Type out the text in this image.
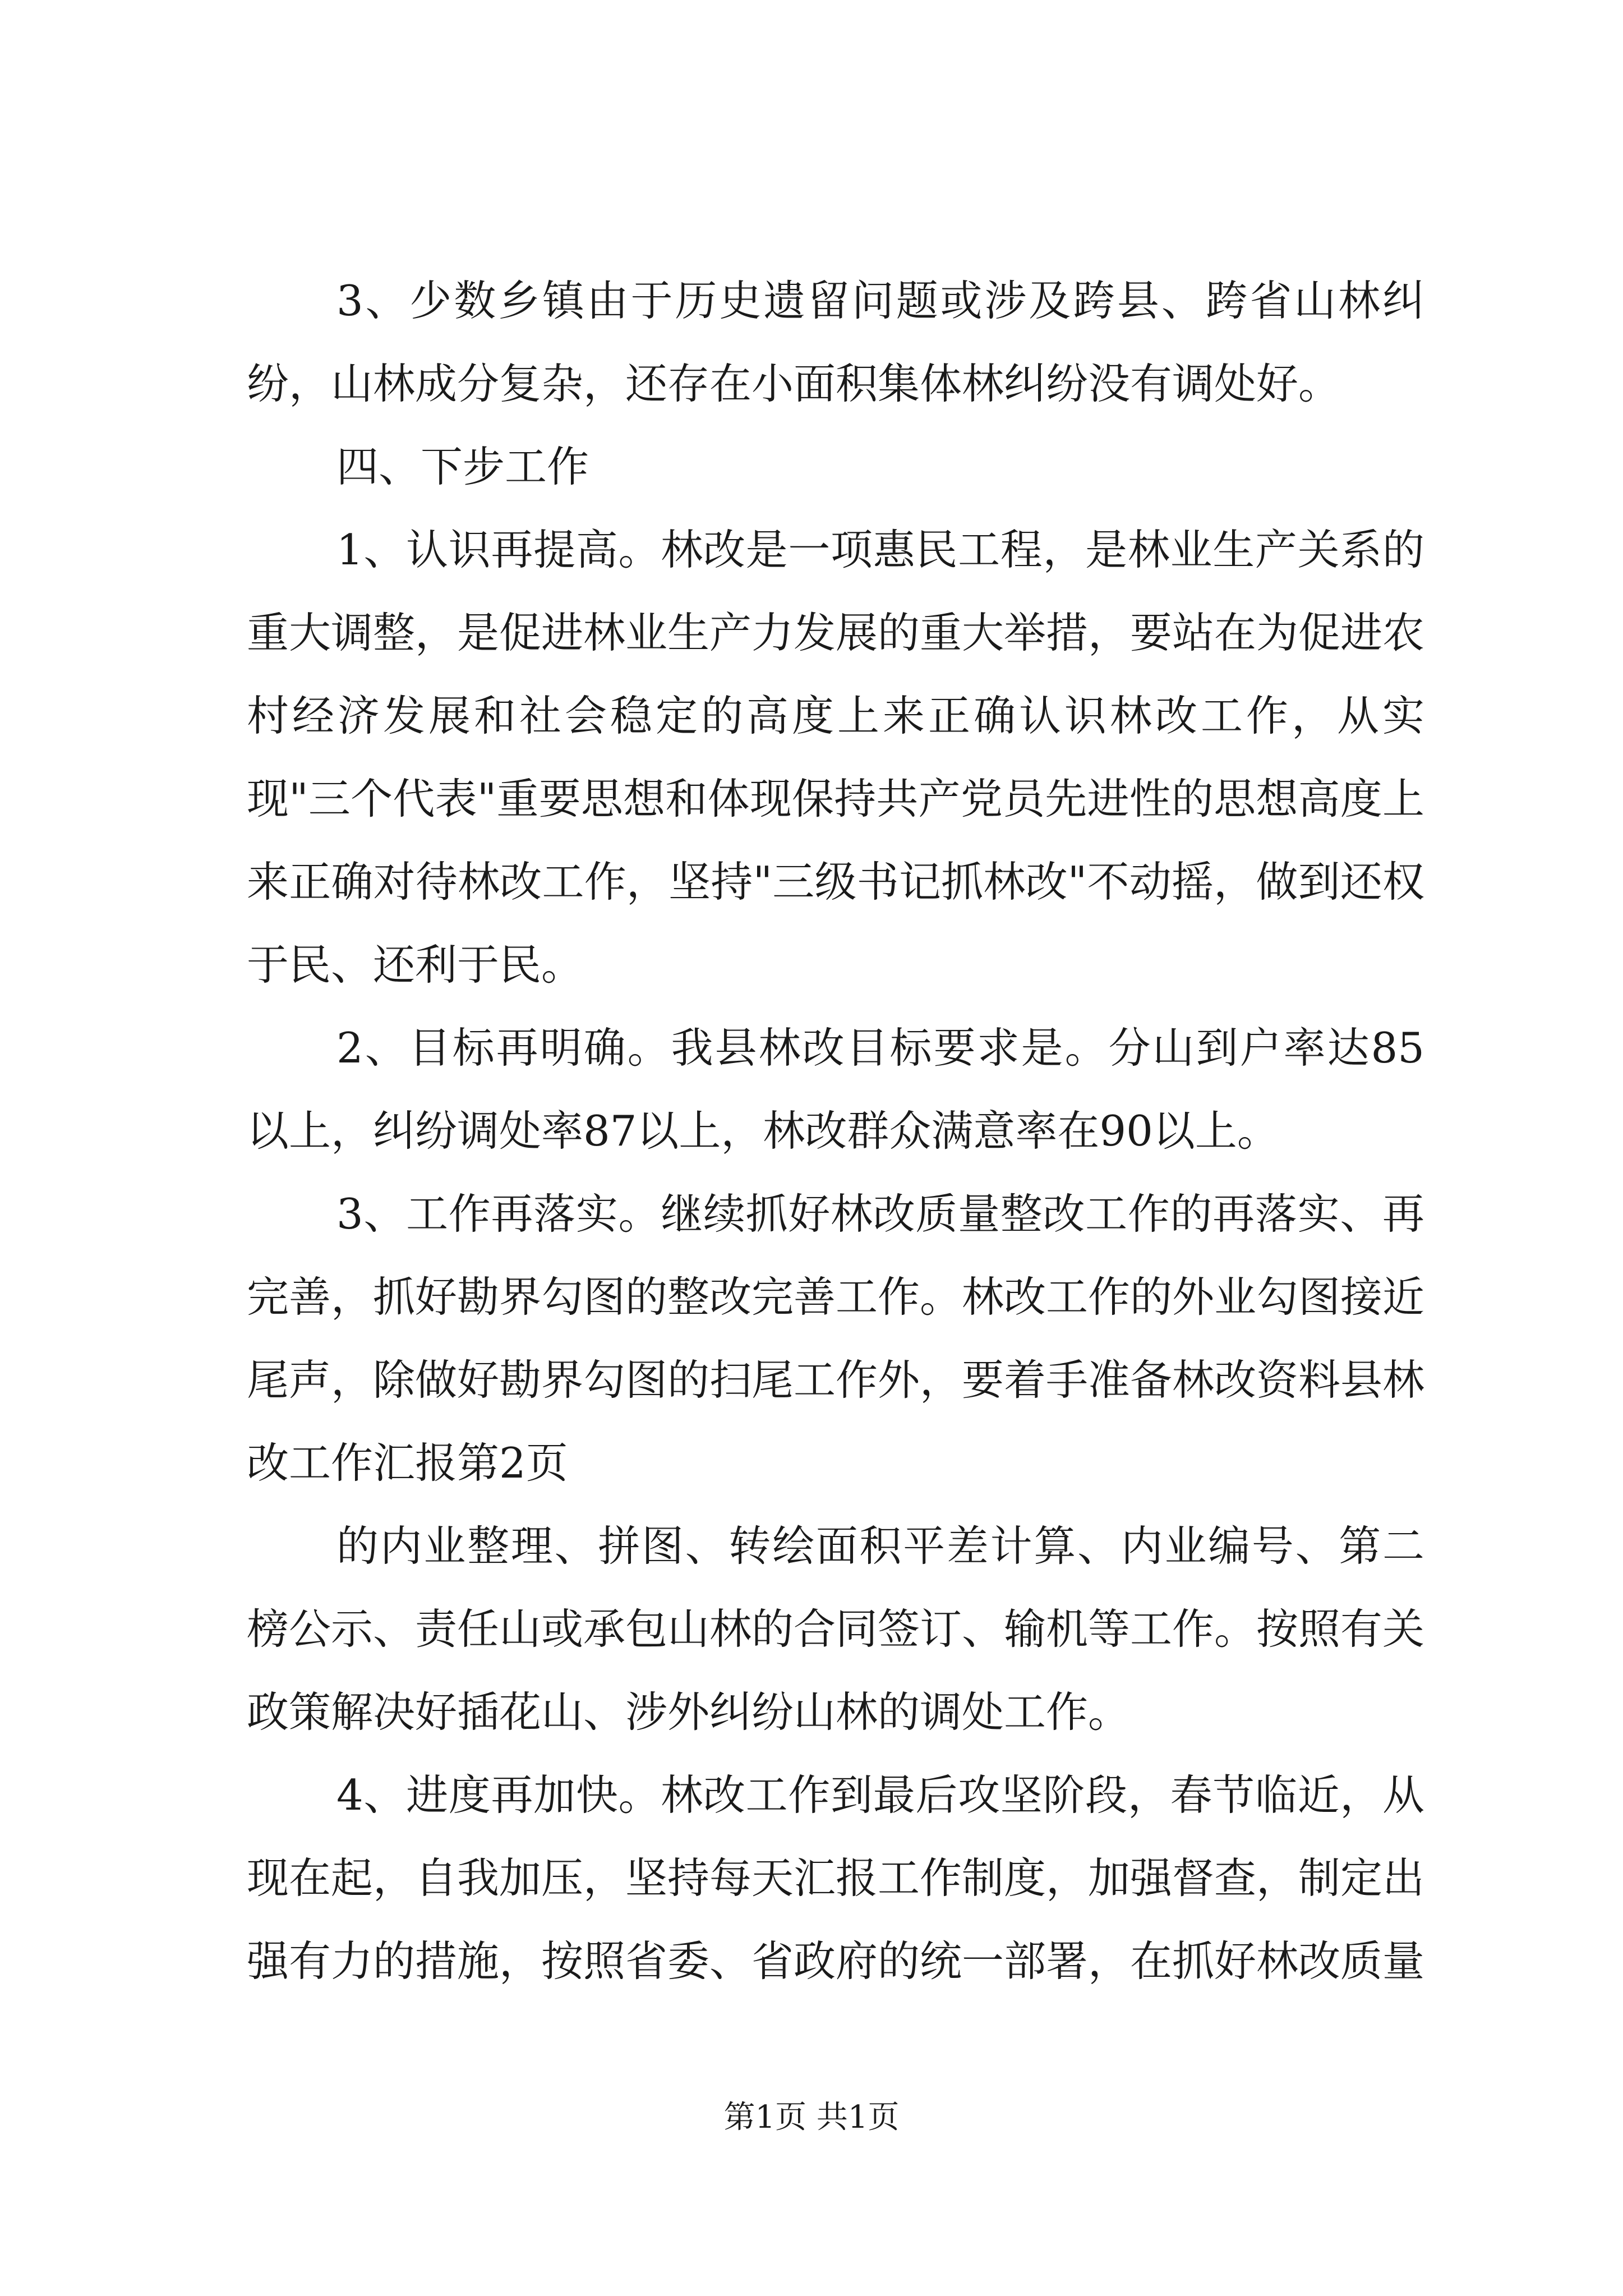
3、少数乡镇由于历史遗留问题或涉及跨县、跨省山林纠纷，山林成分复杂，还存在小面积集体林纠纷没有调处好。

四、下步工作

1、认识再提高。林改是一项惠民工程，是林业生产关系的重大调整，是促进林业生产力发展的重大举措，要站在为促进农村经济发展和社会稳定的高度上来正确认识林改工作，从实现"三个代表"重要思想和体现保持共产党员先进性的思想高度上来正确对待林改工作，坚持"三级书记抓林改"不动摇，做到还权于民、还利于民。

2、目标再明确。我县林改目标要求是。分山到户率达85以上，纠纷调处率87以上，林改群众满意率在90以上。

3、工作再落实。继续抓好林改质量整改工作的再落实、再完善，抓好勘界勾图的整改完善工作。林改工作的外业勾图接近尾声，除做好勘界勾图的扫尾工作外，要着手准备林改资料县林改工作汇报第2页

的内业整理、拼图、转绘面积平差计算、内业编号、第二榜公示、责任山或承包山林的合同签订、输机等工作。按照有关政策解决好插花山、涉外纠纷山林的调处工作。

4、进度再加快。林改工作到最后攻坚阶段，春节临近，从现在起，自我加压，坚持每天汇报工作制度，加强督查，制定出强有力的措施，按照省委、省政府的统一部署，在抓好林改质量

第1页 共1页
